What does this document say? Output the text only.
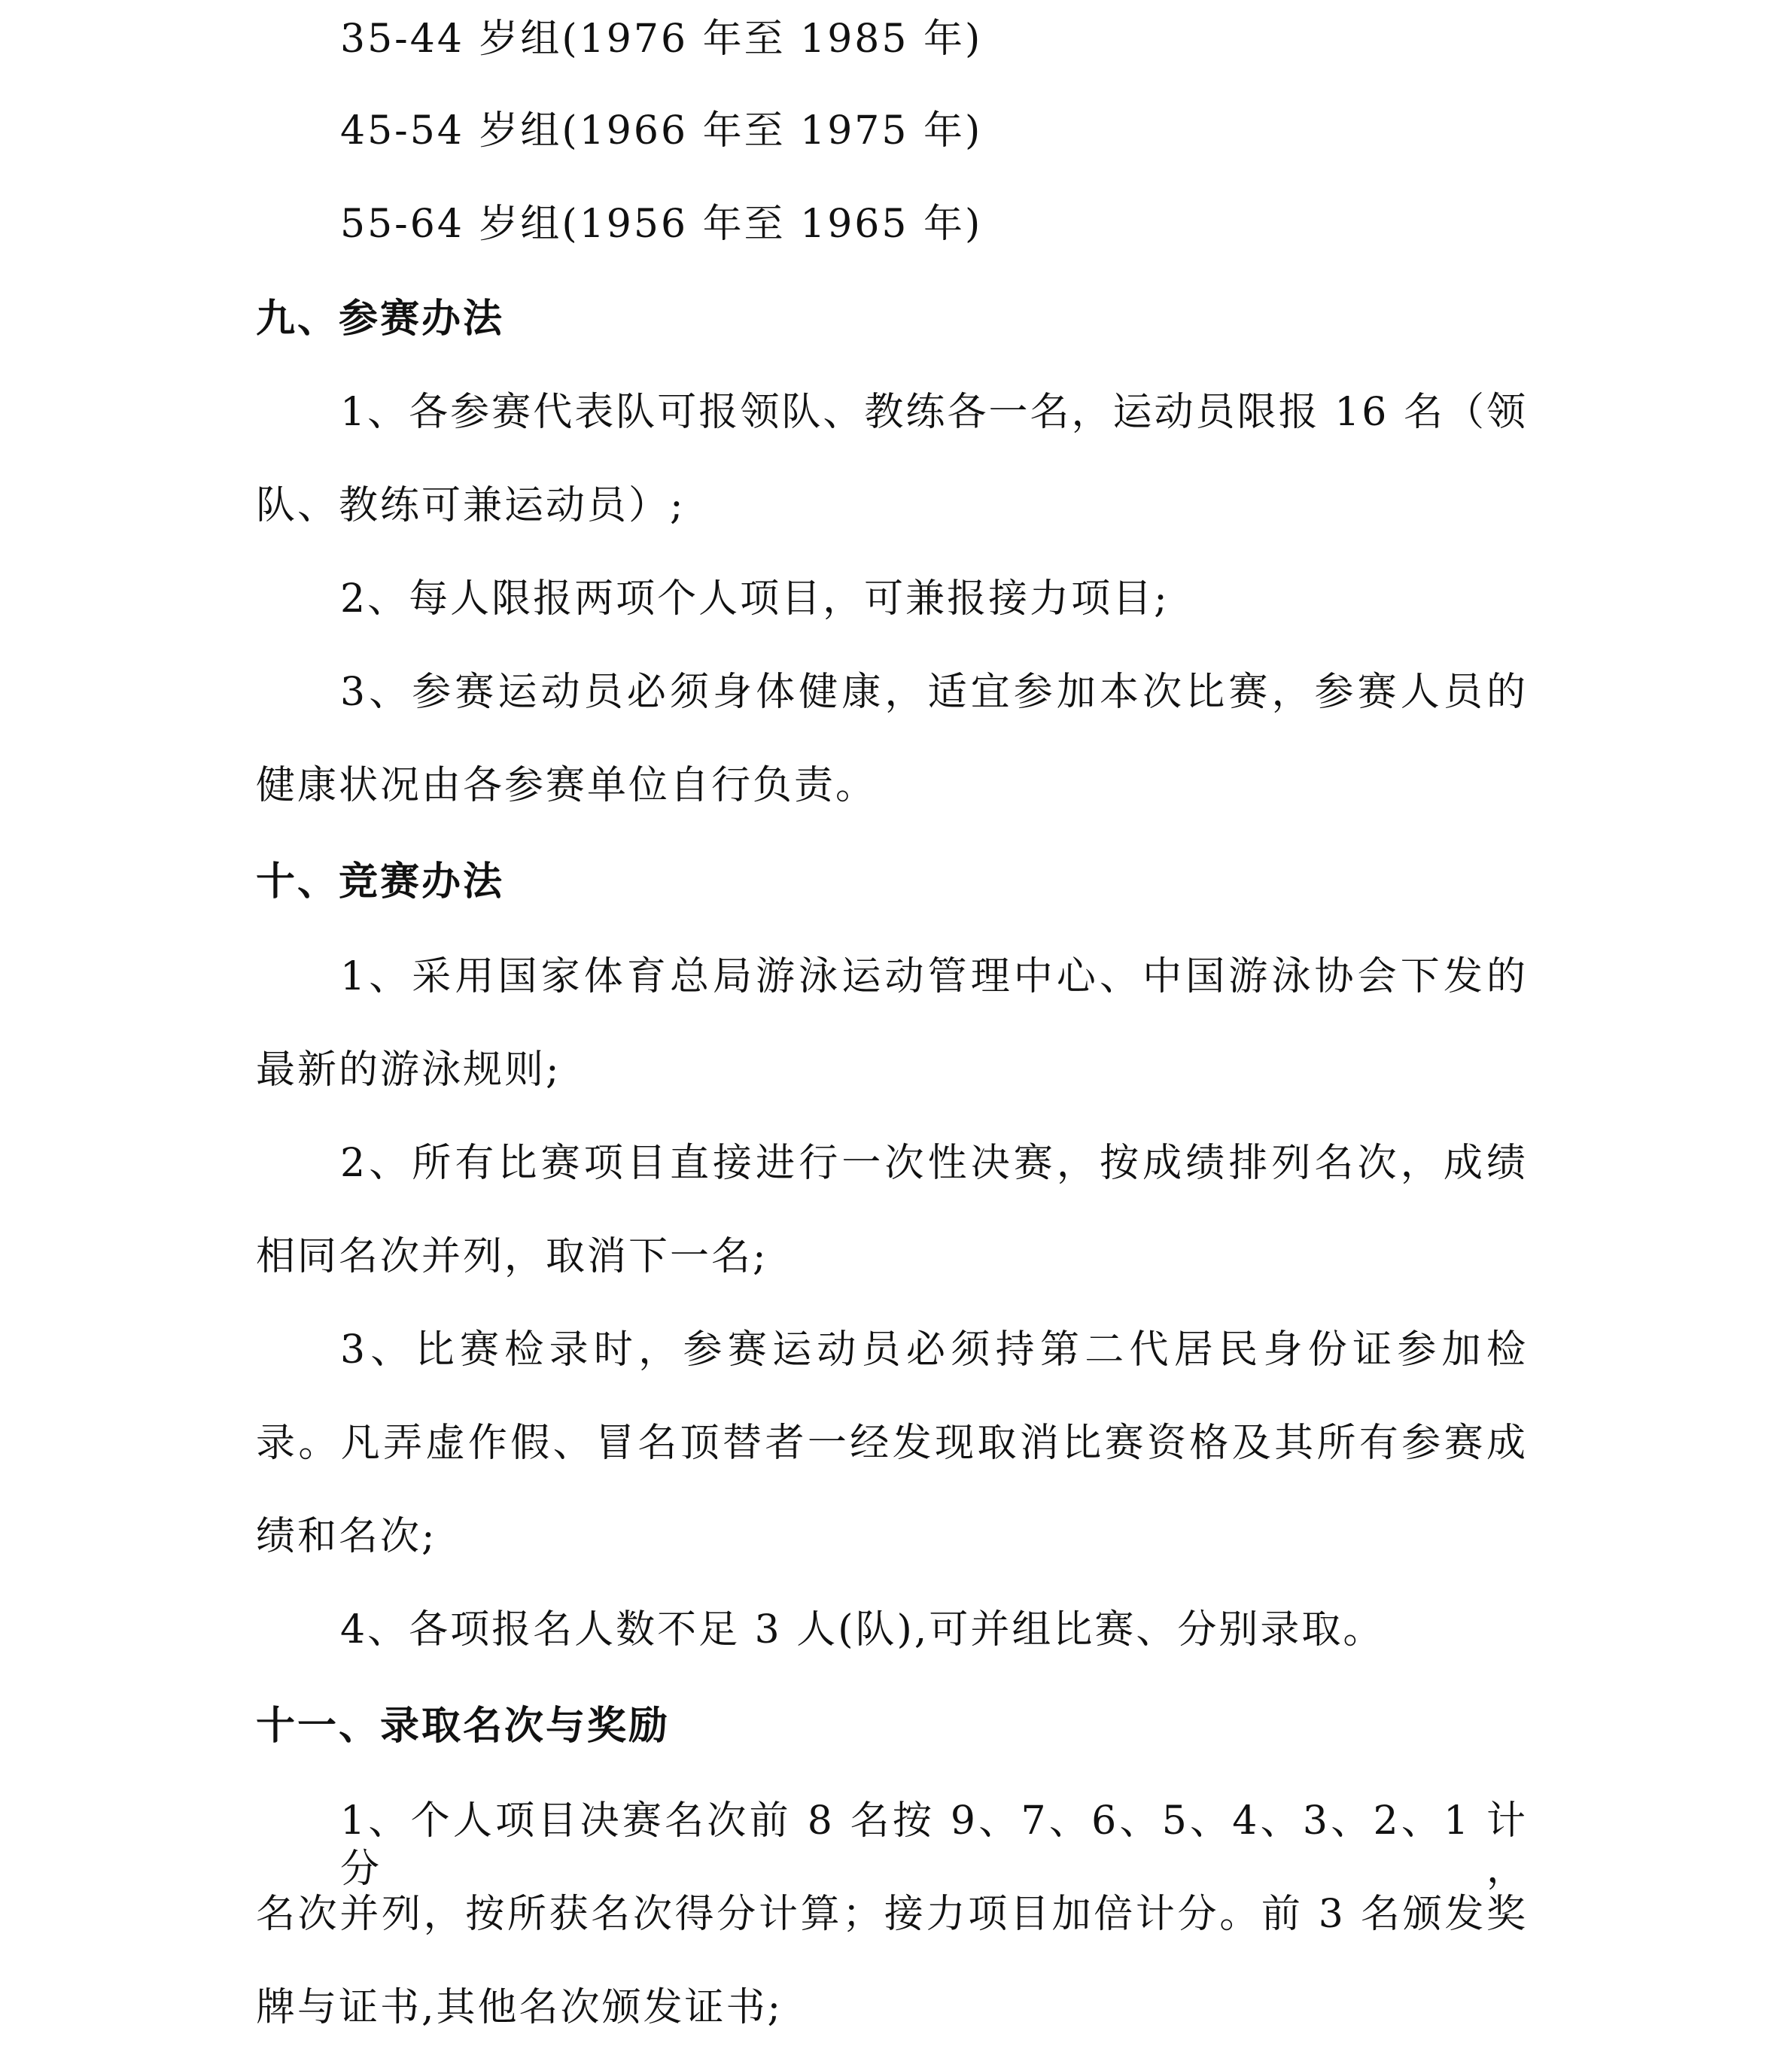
35-44 岁组(1976 年至 1985 年)
45-54 岁组(1966 年至 1975 年)
55-64 岁组(1956 年至 1965 年)
九、参赛办法
1、各参赛代表队可报领队、教练各一名，运动员限报 16 名（领
队、教练可兼运动员）;
2、每人限报两项个人项目，可兼报接力项目;
3、参赛运动员必须身体健康，适宜参加本次比赛，参赛人员的
健康状况由各参赛单位自行负责。
十、竞赛办法
1、采用国家体育总局游泳运动管理中心、中国游泳协会下发的
最新的游泳规则;
2、所有比赛项目直接进行一次性决赛，按成绩排列名次，成绩
相同名次并列，取消下一名;
3、比赛检录时，参赛运动员必须持第二代居民身份证参加检
录。凡弄虚作假、冒名顶替者一经发现取消比赛资格及其所有参赛成
绩和名次;
4、各项报名人数不足 3 人(队),可并组比赛、分别录取。
十一、录取名次与奖励
1、个人项目决赛名次前 8 名按 9、7、6、5、4、3、2、1 计分，
名次并列，按所获名次得分计算；接力项目加倍计分。前 3 名颁发奖
牌与证书,其他名次颁发证书;
